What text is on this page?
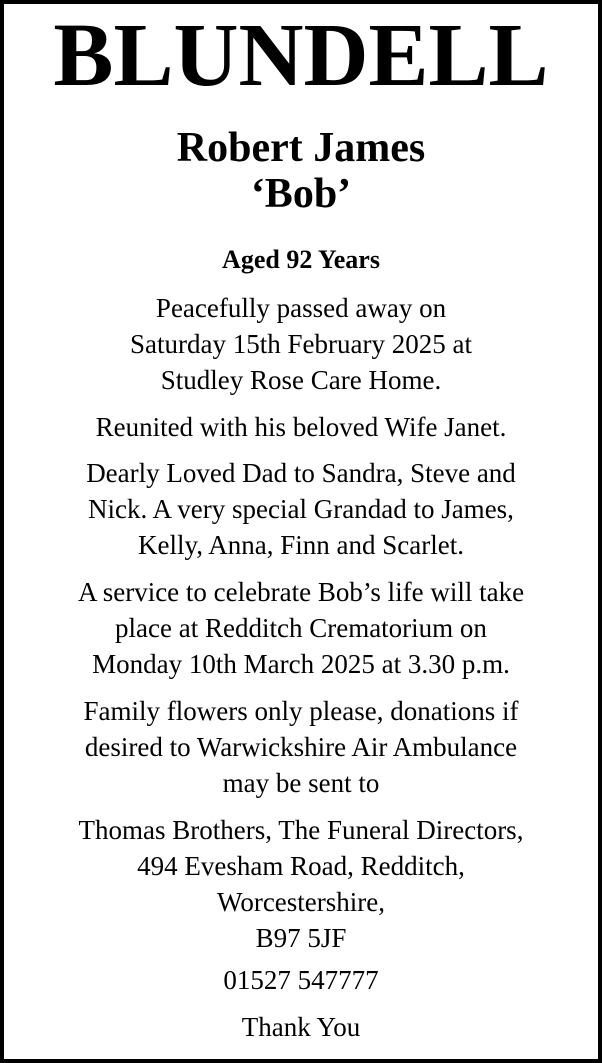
BLUNDELL
Robert James
‘Bob’
Aged 92 Years
Peacefully passed away on
Saturday 15th February 2025 at
Studley Rose Care Home.
Reunited with his beloved Wife Janet.
Dearly Loved Dad to Sandra, Steve and
Nick. A very special Grandad to James,
Kelly, Anna, Finn and Scarlet.
A service to celebrate Bob’s life will take
place at Redditch Crematorium on
Monday 10th March 2025 at 3.30 p.m.
Family flowers only please, donations if
desired to Warwickshire Air Ambulance
may be sent to
Thomas Brothers, The Funeral Directors,
494 Evesham Road, Redditch,
Worcestershire,
B97 5JF
01527 547777
Thank You
